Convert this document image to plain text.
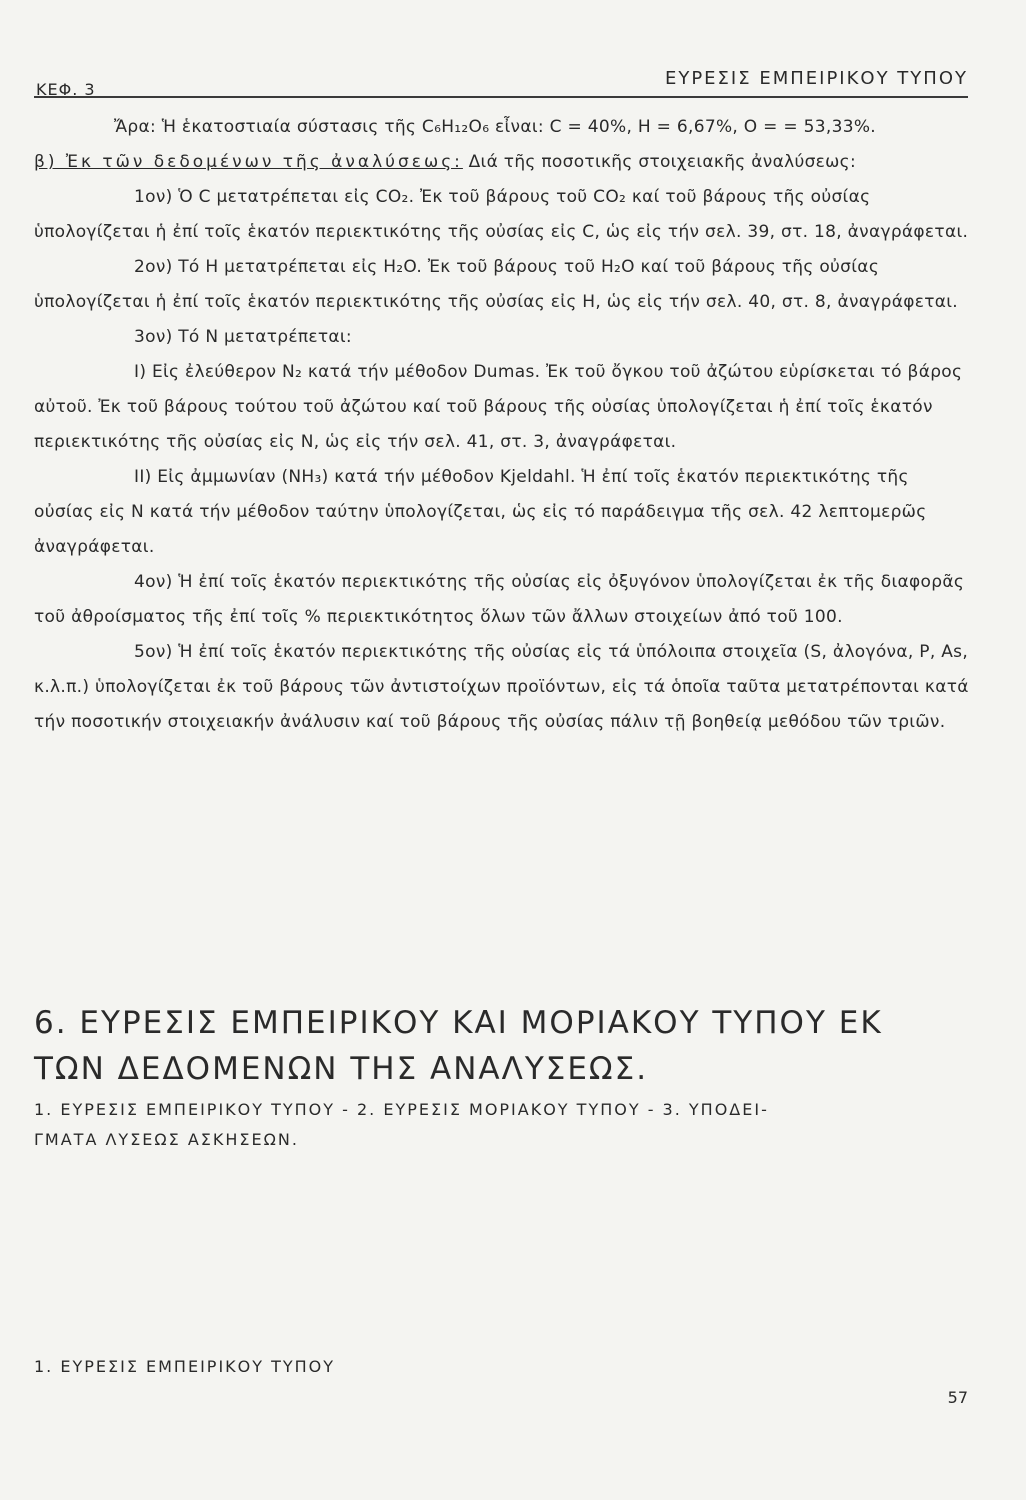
ΚΕΦ. 3
ΕΥΡΕΣΙΣ ΕΜΠΕΙΡΙΚΟΥ ΤΥΠΟΥ

Ἄρα: Ἡ ἑκατοστιαία σύστασις τῆς C₆H₁₂O₆ εἶναι: C = 40%, H = 6,67%, O = = 53,33%.

β) Ἐκ τῶν δεδομένων τῆς ἀναλύσεως: Διά τῆς ποσοτικῆς στοιχειακῆς ἀναλύσεως:

1ον) Ὁ C μετατρέπεται εἰς CO₂. Ἐκ τοῦ βάρους τοῦ CO₂ καί τοῦ βάρους τῆς οὐσίας ὑπολογίζεται ἡ ἐπί τοῖς ἑκατόν περιεκτικότης τῆς οὐσίας εἰς C, ὡς εἰς τήν σελ. 39, στ. 18, ἀναγράφεται.

2ον) Τό H μετατρέπεται εἰς H₂O. Ἐκ τοῦ βάρους τοῦ H₂O καί τοῦ βάρους τῆς οὐσίας ὑπολογίζεται ἡ ἐπί τοῖς ἑκατόν περιεκτικότης τῆς οὐσίας εἰς H, ὡς εἰς τήν σελ. 40, στ. 8, ἀναγράφεται.

3ον) Τό N μετατρέπεται:

I) Εἰς ἐλεύθερον N₂ κατά τήν μέθοδον Dumas. Ἐκ τοῦ ὄγκου τοῦ ἀζώτου εὑρίσκεται τό βάρος αὐτοῦ. Ἐκ τοῦ βάρους τούτου τοῦ ἀζώτου καί τοῦ βάρους τῆς οὐσίας ὑπολογίζεται ἡ ἐπί τοῖς ἑκατόν περιεκτικότης τῆς οὐσίας εἰς N, ὡς εἰς τήν σελ. 41, στ. 3, ἀναγράφεται.

II) Εἰς ἀμμωνίαν (NH₃) κατά τήν μέθοδον Kjeldahl. Ἡ ἐπί τοῖς ἑκατόν περιεκτικότης τῆς οὐσίας εἰς N κατά τήν μέθοδον ταύτην ὑπολογίζεται, ὡς εἰς τό παράδειγμα τῆς σελ. 42 λεπτομερῶς ἀναγράφεται.

4ον) Ἡ ἐπί τοῖς ἑκατόν περιεκτικότης τῆς οὐσίας εἰς ὀξυγόνον ὑπολογίζεται ἐκ τῆς διαφορᾶς τοῦ ἀθροίσματος τῆς ἐπί τοῖς % περιεκτικότητος ὅλων τῶν ἄλλων στοιχείων ἀπό τοῦ 100.

5ον) Ἡ ἐπί τοῖς ἑκατόν περιεκτικότης τῆς οὐσίας εἰς τά ὑπόλοιπα στοιχεῖα (S, ἀλογόνα, P, As, κ.λ.π.) ὑπολογίζεται ἐκ τοῦ βάρους τῶν ἀντιστοίχων προϊόντων, εἰς τά ὁποῖα ταῦτα μετατρέπονται κατά τήν ποσοτικήν στοιχειακήν ἀνάλυσιν καί τοῦ βάρους τῆς οὐσίας πάλιν τῇ βοηθείᾳ μεθόδου τῶν τριῶν.

6. ΕΥΡΕΣΙΣ ΕΜΠΕΙΡΙΚΟΥ ΚΑΙ ΜΟΡΙΑΚΟΥ ΤΥΠΟΥ ΕΚ

ΤΩΝ ΔΕΔΟΜΕΝΩΝ ΤΗΣ ΑΝΑΛΥΣΕΩΣ.

1. ΕΥΡΕΣΙΣ ΕΜΠΕΙΡΙΚΟΥ ΤΥΠΟΥ - 2. ΕΥΡΕΣΙΣ ΜΟΡΙΑΚΟΥ ΤΥΠΟΥ - 3. ΥΠΟΔΕΙ-

ΓΜΑΤΑ ΛΥΣΕΩΣ ΑΣΚΗΣΕΩΝ.

1. ΕΥΡΕΣΙΣ ΕΜΠΕΙΡΙΚΟΥ ΤΥΠΟΥ
57
